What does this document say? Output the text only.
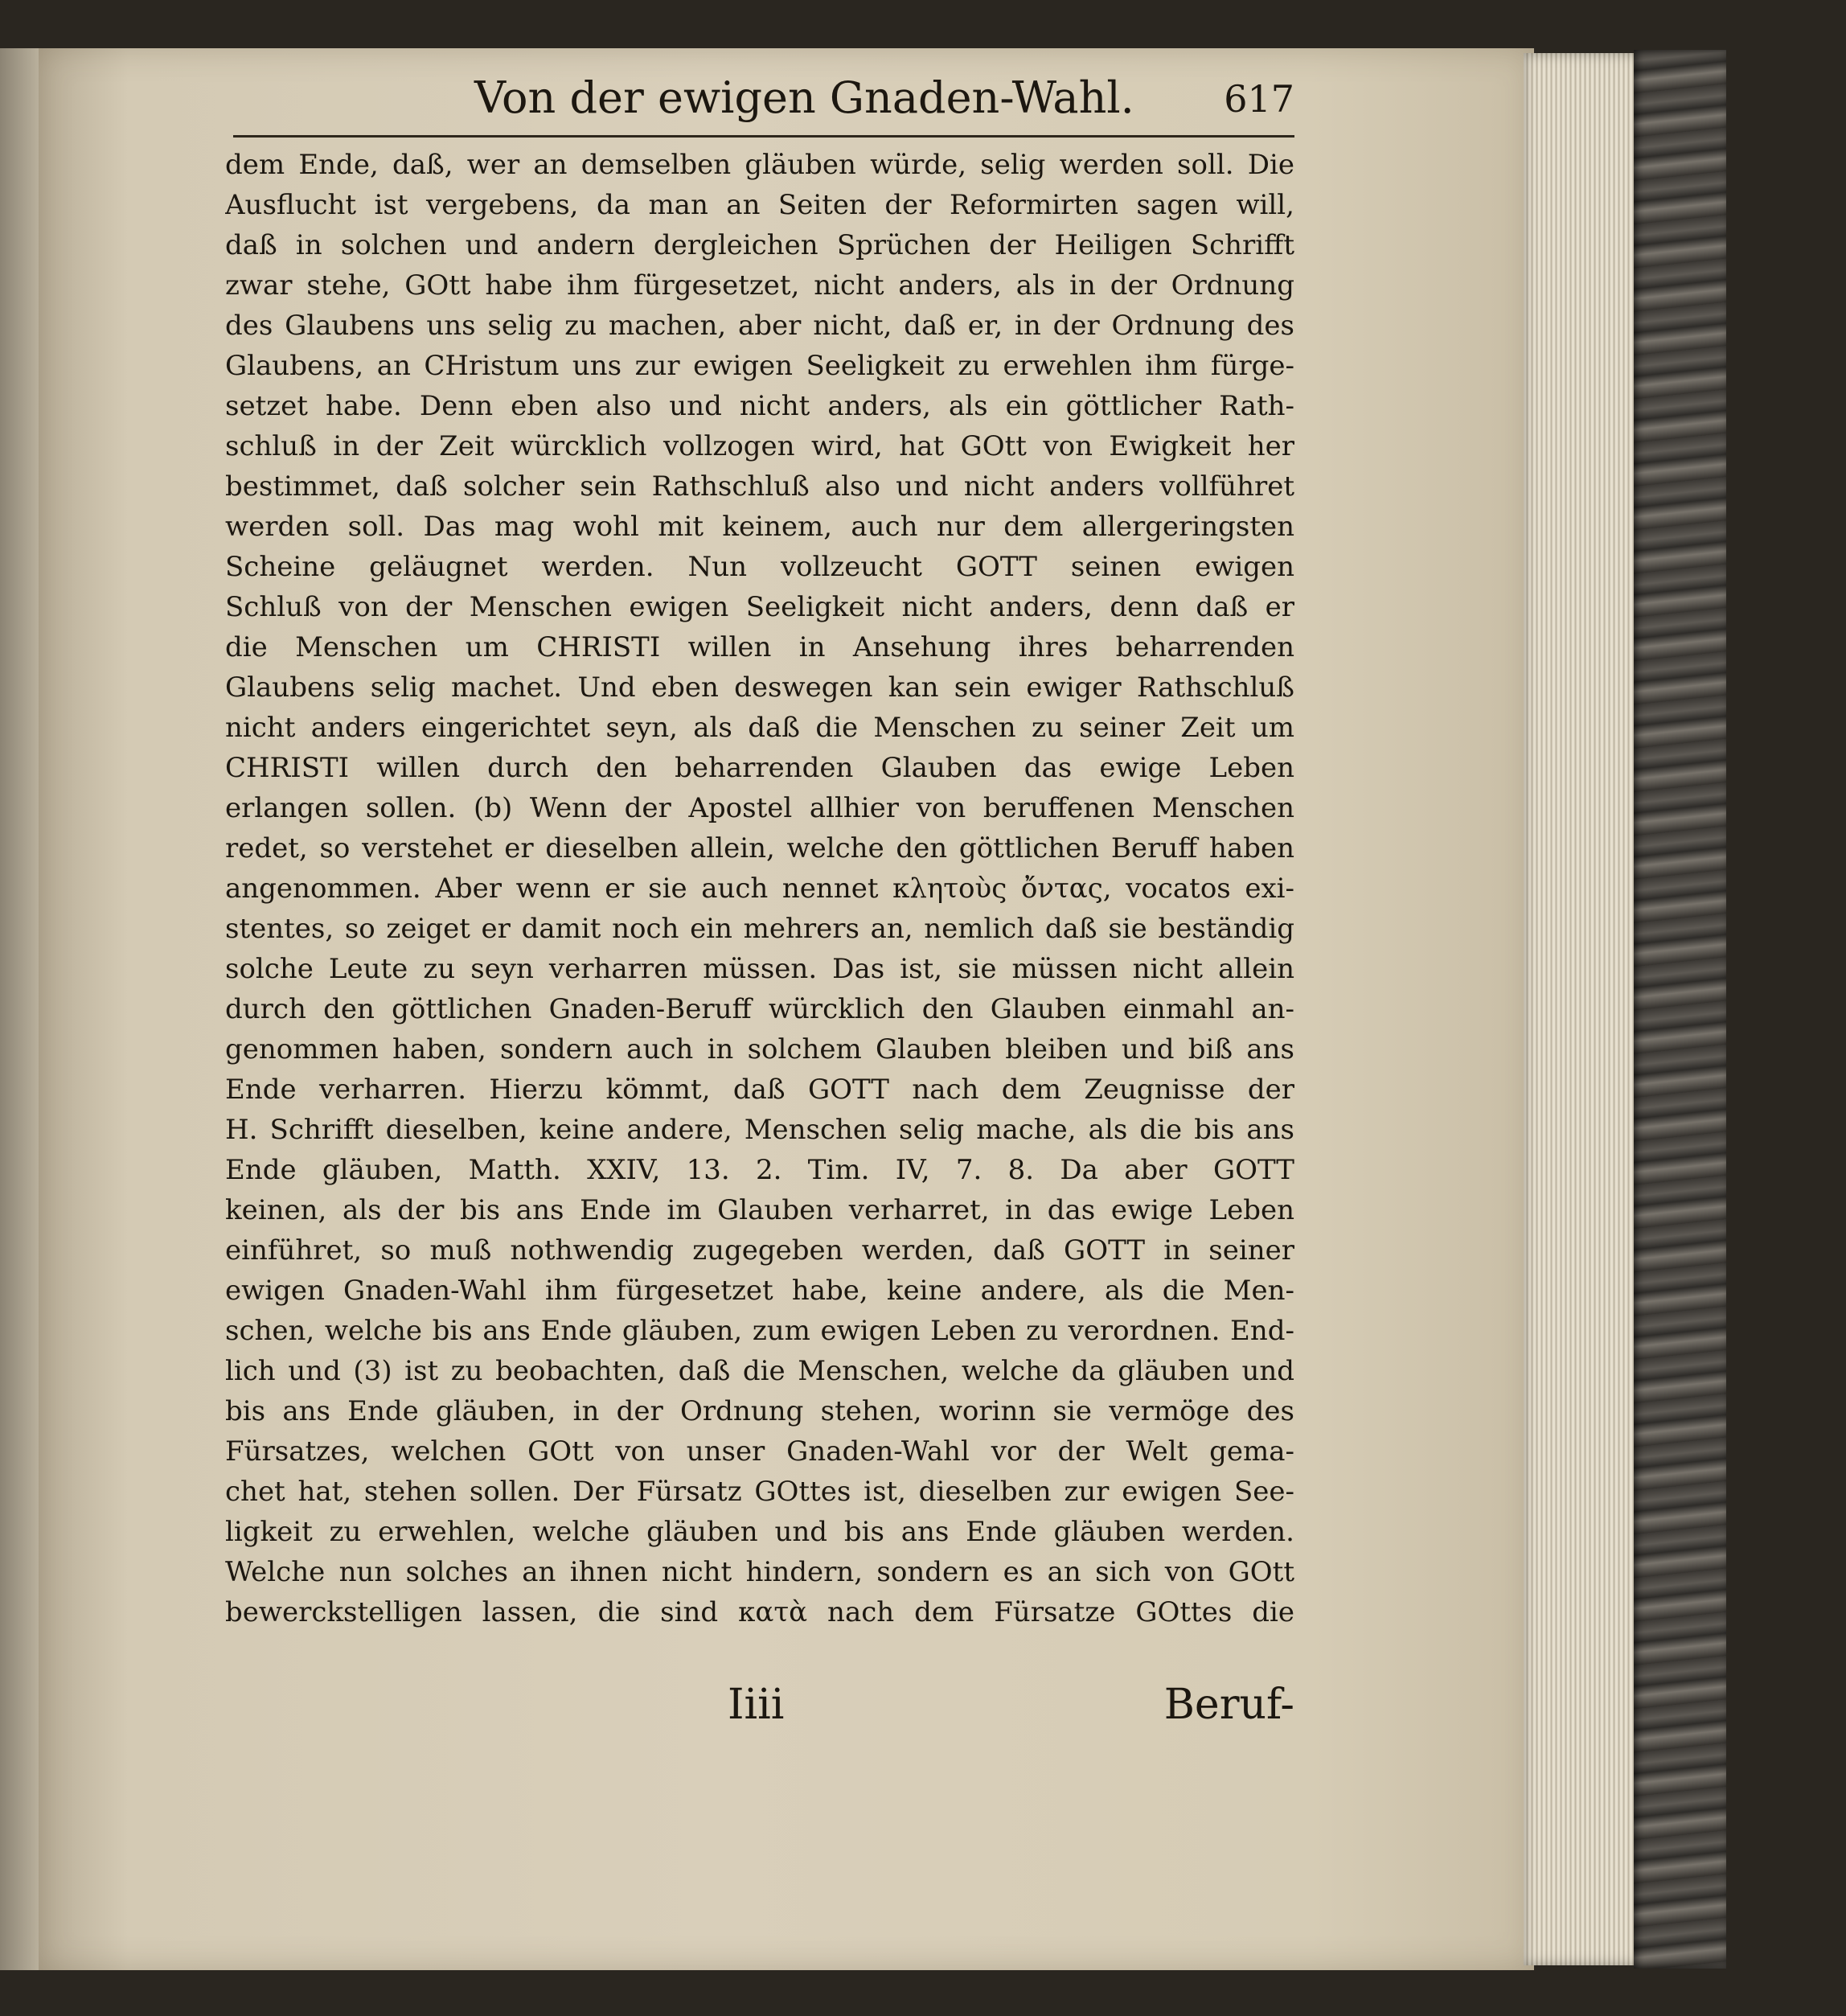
Von der ewigen Gnaden-Wahl. 617
dem Ende, daß, wer an demselben gläuben würde, selig werden soll. Die
Ausflucht ist vergebens, da man an Seiten der Reformirten sagen will,
daß in solchen und andern dergleichen Sprüchen der Heiligen Schrifft
zwar stehe, GOtt habe ihm fürgesetzet, nicht anders, als in der Ordnung
des Glaubens uns selig zu machen, aber nicht, daß er, in der Ordnung des
Glaubens, an CHristum uns zur ewigen Seeligkeit zu erwehlen ihm fürge-
setzet habe. Denn eben also und nicht anders, als ein göttlicher Rath-
schluß in der Zeit würcklich vollzogen wird, hat GOtt von Ewigkeit her
bestimmet, daß solcher sein Rathschluß also und nicht anders vollführet
werden soll. Das mag wohl mit keinem, auch nur dem allergeringsten
Scheine geläugnet werden. Nun vollzeucht GOTT seinen ewigen
Schluß von der Menschen ewigen Seeligkeit nicht anders, denn daß er
die Menschen um CHRISTI willen in Ansehung ihres beharrenden
Glaubens selig machet. Und eben deswegen kan sein ewiger Rathschluß
nicht anders eingerichtet seyn, als daß die Menschen zu seiner Zeit um
CHRISTI willen durch den beharrenden Glauben das ewige Leben
erlangen sollen. (b) Wenn der Apostel allhier von beruffenen Menschen
redet, so verstehet er dieselben allein, welche den göttlichen Beruff haben
angenommen. Aber wenn er sie auch nennet κλητοὺς ὄντας, vocatos exi-
stentes, so zeiget er damit noch ein mehrers an, nemlich daß sie beständig
solche Leute zu seyn verharren müssen. Das ist, sie müssen nicht allein
durch den göttlichen Gnaden-Beruff würcklich den Glauben einmahl an-
genommen haben, sondern auch in solchem Glauben bleiben und biß ans
Ende verharren. Hierzu kömmt, daß GOTT nach dem Zeugnisse der
H. Schrifft dieselben, keine andere, Menschen selig mache, als die bis ans
Ende gläuben, Matth. XXIV, 13. 2. Tim. IV, 7. 8. Da aber GOTT
keinen, als der bis ans Ende im Glauben verharret, in das ewige Leben
einführet, so muß nothwendig zugegeben werden, daß GOTT in seiner
ewigen Gnaden-Wahl ihm fürgesetzet habe, keine andere, als die Men-
schen, welche bis ans Ende gläuben, zum ewigen Leben zu verordnen. End-
lich und (3) ist zu beobachten, daß die Menschen, welche da gläuben und
bis ans Ende gläuben, in der Ordnung stehen, worinn sie vermöge des
Fürsatzes, welchen GOtt von unser Gnaden-Wahl vor der Welt gema-
chet hat, stehen sollen. Der Fürsatz GOttes ist, dieselben zur ewigen See-
ligkeit zu erwehlen, welche gläuben und bis ans Ende gläuben werden.
Welche nun solches an ihnen nicht hindern, sondern es an sich von GOtt
bewerckstelligen lassen, die sind κατὰ nach dem Fürsatze GOttes die
Iiii	Beruf-
